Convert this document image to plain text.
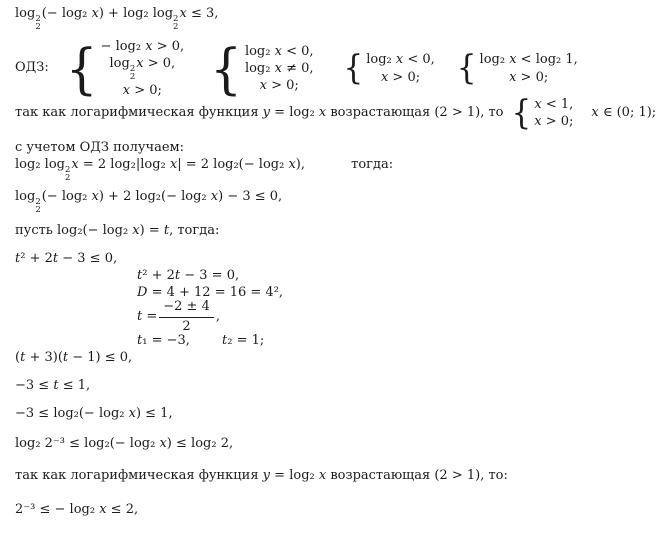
log 2
2
(− log₂ x) + log₂ log 2
2
x ≤ 3,
ОДЗ: { − log₂ x > 0,
log 2
2
x > 0,
x > 0; { log₂ x < 0,
log₂ x ≠ 0,
x > 0; { log₂ x < 0,
x > 0; { log₂ x < log₂ 1,
x > 0;
так как логарифмическая функция y = log₂ x возрастающая (2 > 1), то { x < 1,
x > 0;
x ∈ (0; 1);
с учетом ОДЗ получаем:
log₂ log 2
2
x = 2 log₂|log₂ x| = 2 log₂(− log₂ x),	тогда:
log 2
2
(− log₂ x) + 2 log₂(− log₂ x) − 3 ≤ 0,
пусть log₂(− log₂ x) = t, тогда:
t² + 2t − 3 ≤ 0,
t² + 2t − 3 = 0,
D = 4 + 12 = 16 = 4²,
$t = \frac{-2 \pm 4}{2}$ ,
t₁ = −3, t₂ = 1;
(t + 3)(t − 1) ≤ 0,
−3 ≤ t ≤ 1,
−3 ≤ log₂(− log₂ x) ≤ 1,
log₂ 2⁻³ ≤ log₂(− log₂ x) ≤ log₂ 2,
так как логарифмическая функция y = log₂ x возрастающая (2 > 1), то:
2⁻³ ≤ − log₂ x ≤ 2,
